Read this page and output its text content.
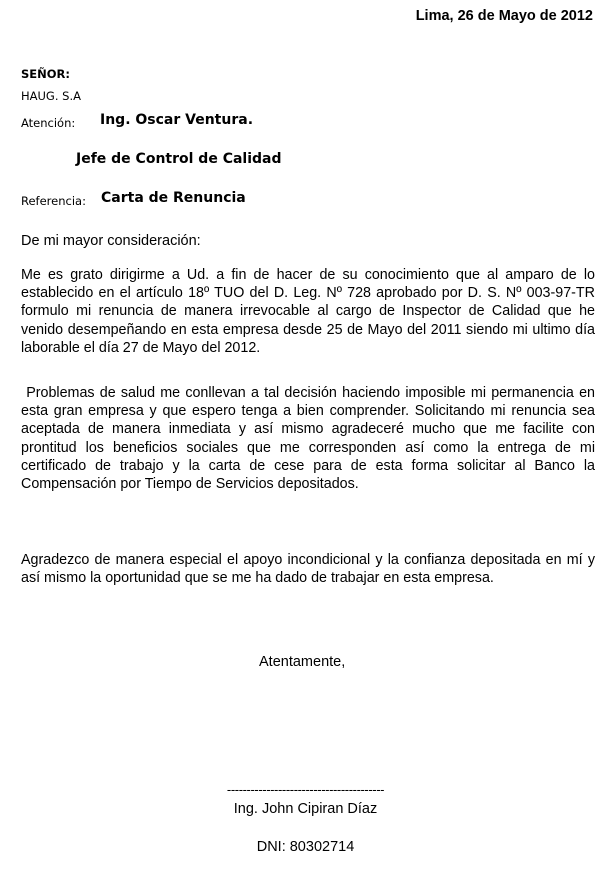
Lima, 26 de Mayo de 2012
SEÑOR:
HAUG. S.A
Atención: Ing. Oscar Ventura.
Jefe de Control de Calidad
Referencia: Carta de Renuncia
De mi mayor consideración:

Me es grato dirigirme a Ud. a fin de hacer de su conocimiento que al amparo de lo establecido en el artículo 18º TUO del D. Leg. Nº 728 aprobado por D. S. Nº 003-97-TR formulo mi renuncia de manera irrevocable al cargo de Inspector de Calidad que he venido desempeñando en esta empresa desde 25 de Mayo del 2011 siendo mi ultimo día laborable el día 27 de Mayo del 2012.

Problemas de salud me conllevan a tal decisión haciendo imposible mi permanencia en esta gran empresa y que espero tenga a bien comprender. Solicitando mi renuncia sea aceptada de manera inmediata y así mismo agradeceré mucho que me facilite con prontitud los beneficios sociales que me corresponden así como la entrega de mi certificado de trabajo y la carta de cese para de esta forma solicitar al Banco la Compensación por Tiempo de Servicios depositados.

Agradezco de manera especial el apoyo incondicional y la confianza depositada en mí y así mismo la oportunidad que se me ha dado de trabajar en esta empresa.

Atentamente,
----------------------------------------
Ing. John Cipiran Díaz
DNI: 80302714
